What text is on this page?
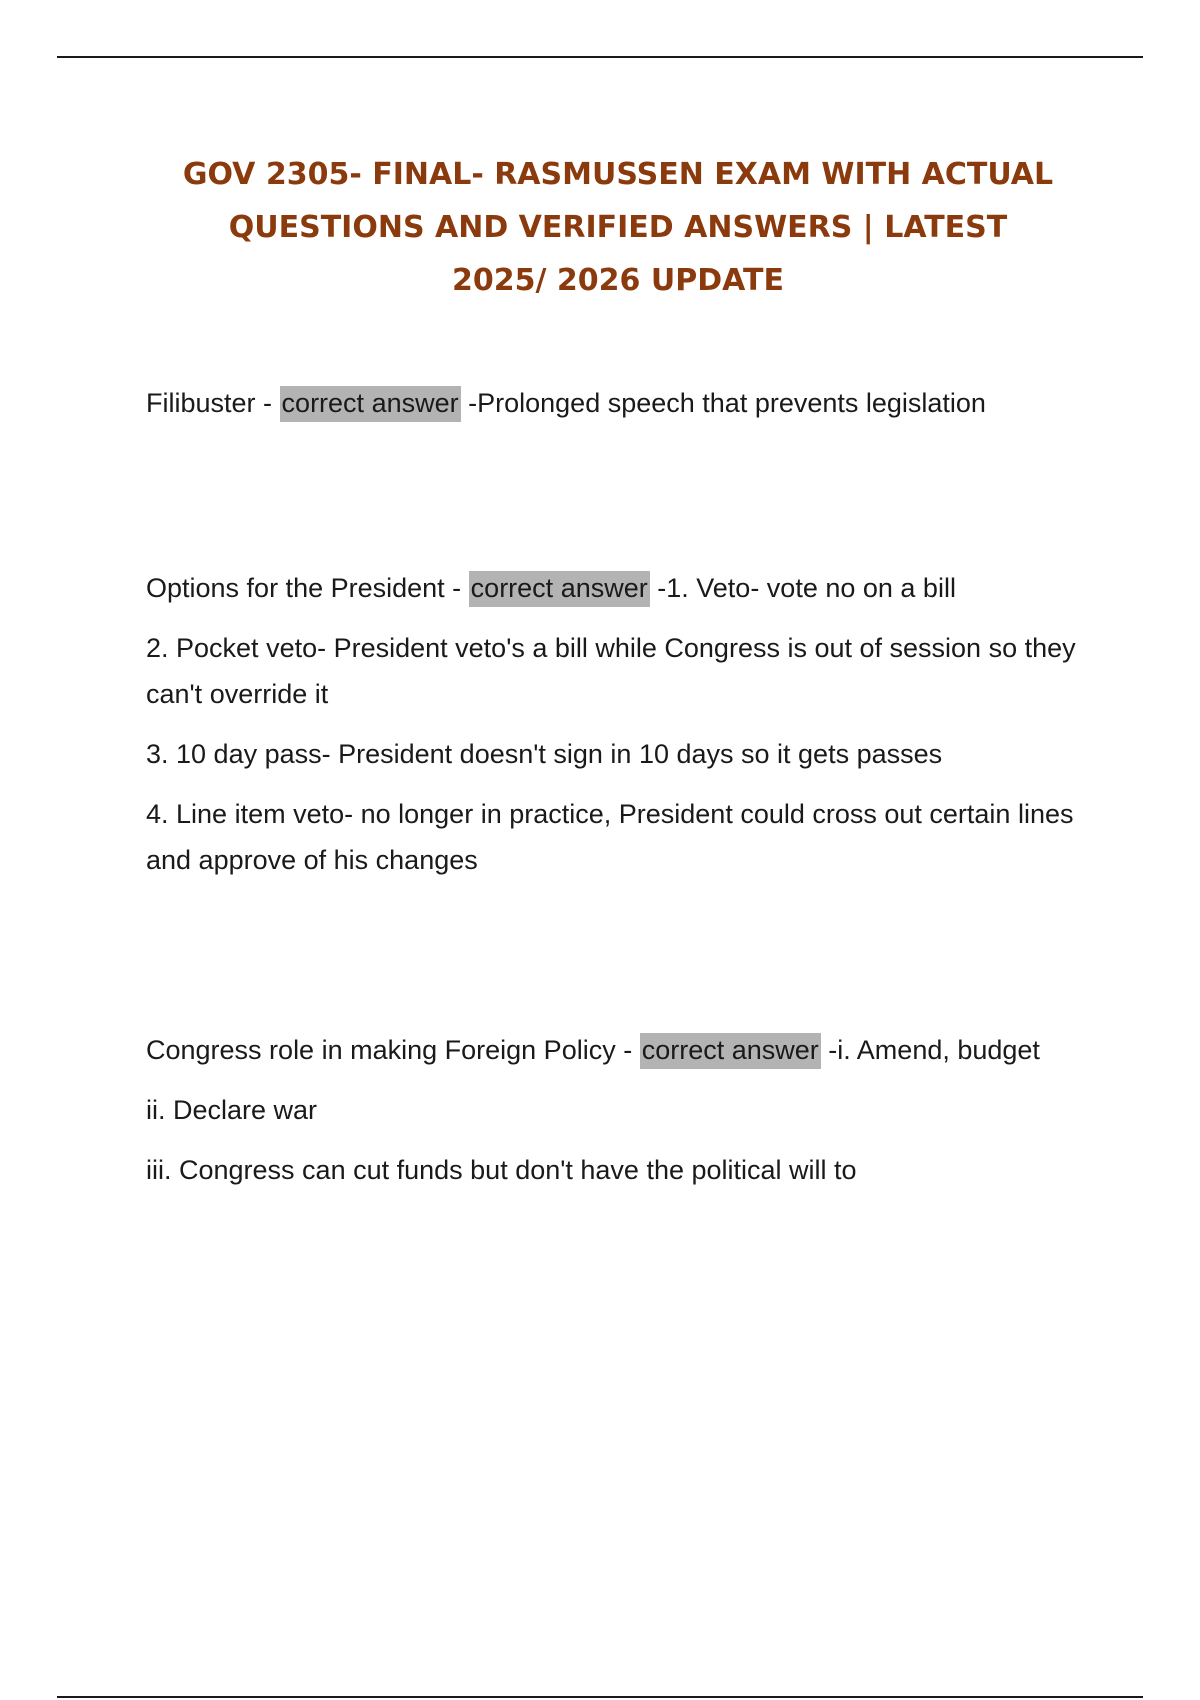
GOV 2305- FINAL- RASMUSSEN EXAM WITH ACTUAL
QUESTIONS AND VERIFIED ANSWERS | LATEST
2025/ 2026 UPDATE

Filibuster - correct answer -Prolonged speech that prevents legislation

Options for the President - correct answer -1. Veto- vote no on a bill

2. Pocket veto- President veto's a bill while Congress is out of session so they can't override it

3. 10 day pass- President doesn't sign in 10 days so it gets passes

4. Line item veto- no longer in practice, President could cross out certain lines and approve of his changes

Congress role in making Foreign Policy - correct answer -i. Amend, budget

ii. Declare war

iii. Congress can cut funds but don't have the political will to
